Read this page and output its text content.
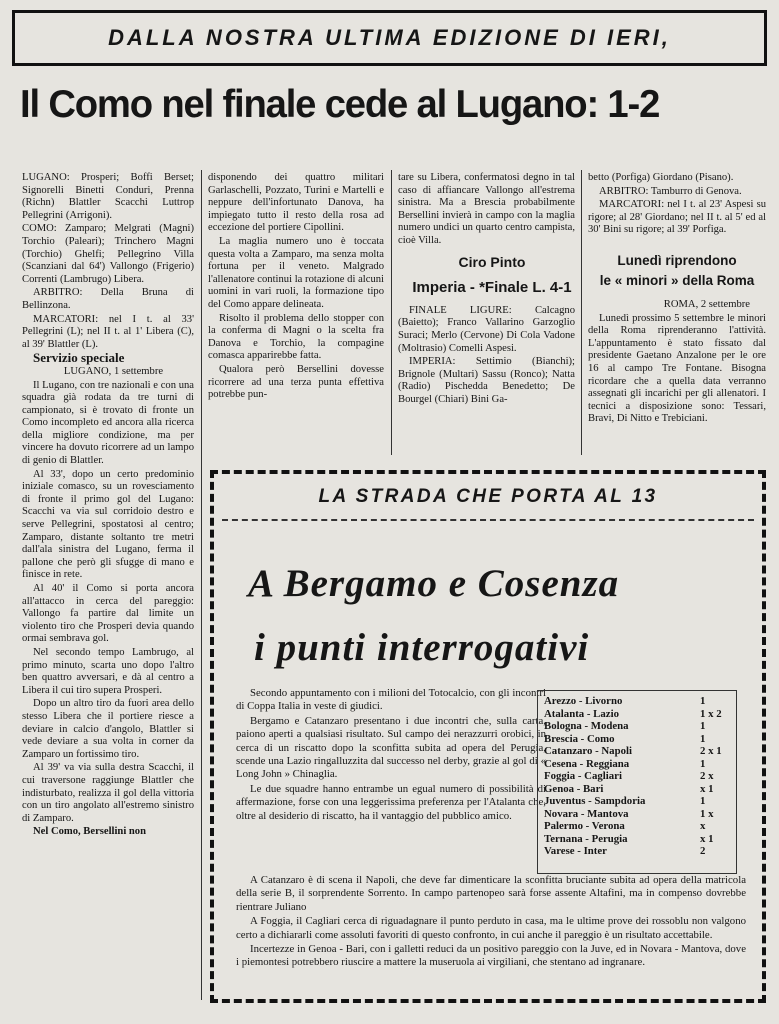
DALLA NOSTRA ULTIMA EDIZIONE DI IERI,
Il Como nel finale cede al Lugano: 1-2

LUGANO: Prosperi; Boffi Berset; Signorelli Binetti Conduri, Prenna (Richn) Blattler Scacchi Luttrop Pellegrini (Arrigoni).

COMO: Zamparo; Melgrati (Magni) Torchio (Paleari); Trinchero Magni (Torchio) Ghelfi; Pellegrino Villa (Scanziani dal 64') Vallongo (Frigerio) Correnti (Lambrugo) Libera.

ARBITRO: Della Bruna di Bellinzona.

MARCATORI: nel I t. al 33' Pellegrini (L); nel II t. al 1' Libera (C), al 39' Blattler (L).

Servizio speciale

LUGANO, 1 settembre

Il Lugano, con tre nazionali e con una squadra già rodata da tre turni di campionato, si è trovato di fronte un Como incompleto ed ancora alla ricerca della migliore condizione, ma per vincere ha dovuto ricorrere ad un lampo di genio di Blattler.

Al 33', dopo un certo predominio iniziale comasco, su un rovesciamento di fronte il primo gol del Lugano: Scacchi va via sul corridoio destro e serve Pellegrini, spostatosi al centro; Zamparo, distante soltanto tre metri dall'ala sinistra del Lugano, ferma il pallone che però gli sfugge di mano e finisce in rete.

Al 40' il Como si porta ancora all'attacco in cerca del pareggio: Vallongo fa partire dal limite un violento tiro che Prosperi devia quando ormai sembrava gol.

Nel secondo tempo Lambrugo, al primo minuto, scarta uno dopo l'altro ben quattro avversari, e dà al centro a Libera il cui tiro supera Prosperi.

Dopo un altro tiro da fuori area dello stesso Libera che il portiere riesce a deviare in calcio d'angolo, Blattler si vede deviare a sua volta in corner da Zamparo un fortissimo tiro.

Al 39' va via sulla destra Scacchi, il cui traversone raggiunge Blattler che indisturbato, realizza il gol della vittoria con un tiro angolato all'estremo sinistro di Zamparo.

Nel Como, Bersellini non

disponendo dei quattro militari Garlaschelli, Pozzato, Turini e Martelli e neppure dell'infortunato Danova, ha impiegato tutto il resto della rosa ad eccezione del portiere Cipollini.

La maglia numero uno è toccata questa volta a Zamparo, ma senza molta fortuna per il veneto. Malgrado l'allenatore continui la rotazione di alcuni uomini in vari ruoli, la formazione tipo del Como appare delineata.

Risolto il problema dello stopper con la conferma di Magni o la scelta fra Danova e Torchio, la compagine comasca apparirebbe fatta.

Qualora però Bersellini dovesse ricorrere ad una terza punta effettiva potrebbe pun-

tare su Libera, confermatosi degno in tal caso di affiancare Vallongo all'estrema sinistra. Ma a Brescia probabilmente Bersellini invierà in campo con la maglia numero undici un quarto centro campista, cioè Villa.

Ciro Pinto

Imperia - *Finale L. 4-1

FINALE LIGURE: Calcagno (Baietto); Franco Vallarino Garzoglio Suraci; Merlo (Cervone) Di Cola Vadone (Moltrasio) Comelli Aspesi.

IMPERIA: Settimio (Bianchi); Brignole (Multari) Sassu (Ronco); Natta (Radio) Pischedda Benedetto; De Bourgel (Chiari) Bini Ga-

betto (Porfiga) Giordano (Pisano).

ARBITRO: Tamburro di Genova.

MARCATORI: nel I t. al 23' Aspesi su rigore; al 28' Giordano; nel II t. al 5' ed al 30' Bini su rigore; al 39' Porfiga.

Lunedì riprendono
le « minori » della Roma

ROMA, 2 settembre

Lunedì prossimo 5 settembre le minori della Roma riprenderanno l'attività. L'appuntamento è stato fissato dal presidente Gaetano Anzalone per le ore 16 al campo Tre Fontane. Bisogna ricordare che a quella data verranno assegnati gli incarichi per gli allenatori. I tecnici a disposizione sono: Tessari, Bravi, Di Nitto e Trebiciani.

LA STRADA CHE PORTA AL 13
A Bergamo e Cosenza
i punti interrogativi

Secondo appuntamento con i milioni del Totocalcio, con gli incontri di Coppa Italia in veste di giudici.

Bergamo e Catanzaro presentano i due incontri che, sulla carta, paiono aperti a qualsiasi risultato. Sul campo dei nerazzurri orobici, in cerca di un riscatto dopo la sconfitta subita ad opera del Perugia, scende una Lazio ringalluzzita dal successo nel derby, grazie al gol di « Long John » Chinaglia.

Le due squadre hanno entrambe un egual numero di possibilità di affermazione, forse con una leggerissima preferenza per l'Atalanta che, oltre al desiderio di riscatto, ha il vantaggio del pubblico amico.

Arezzo - Livorno	1
Atalanta - Lazio	1 x 2
Bologna - Modena	1
Brescia - Como	1
Catanzaro - Napoli	2 x 1
Cesena - Reggiana	1
Foggia - Cagliari	2 x
Genoa - Bari	x 1
Juventus - Sampdoria	1
Novara - Mantova	1 x
Palermo - Verona	x
Ternana - Perugia	x 1
Varese - Inter	2

A Catanzaro è di scena il Napoli, che deve far dimenticare la sconfitta bruciante subita ad opera della matricola della serie B, il sorprendente Sorrento. In campo partenopeo sarà forse assente Altafini, ma in compenso dovrebbe rientrare Juliano

A Foggia, il Cagliari cerca di riguadagnare il punto perduto in casa, ma le ultime prove dei rossoblu non valgono certo a dichiararli come assoluti favoriti di questo confronto, in cui anche il pareggio è un risultato accettabile.

Incertezze in Genoa - Bari, con i galletti reduci da un positivo pareggio con la Juve, ed in Novara - Mantova, dove i piemontesi potrebbero riuscire a mattere la museruola ai virgiliani, che stentano ad ingranare.
